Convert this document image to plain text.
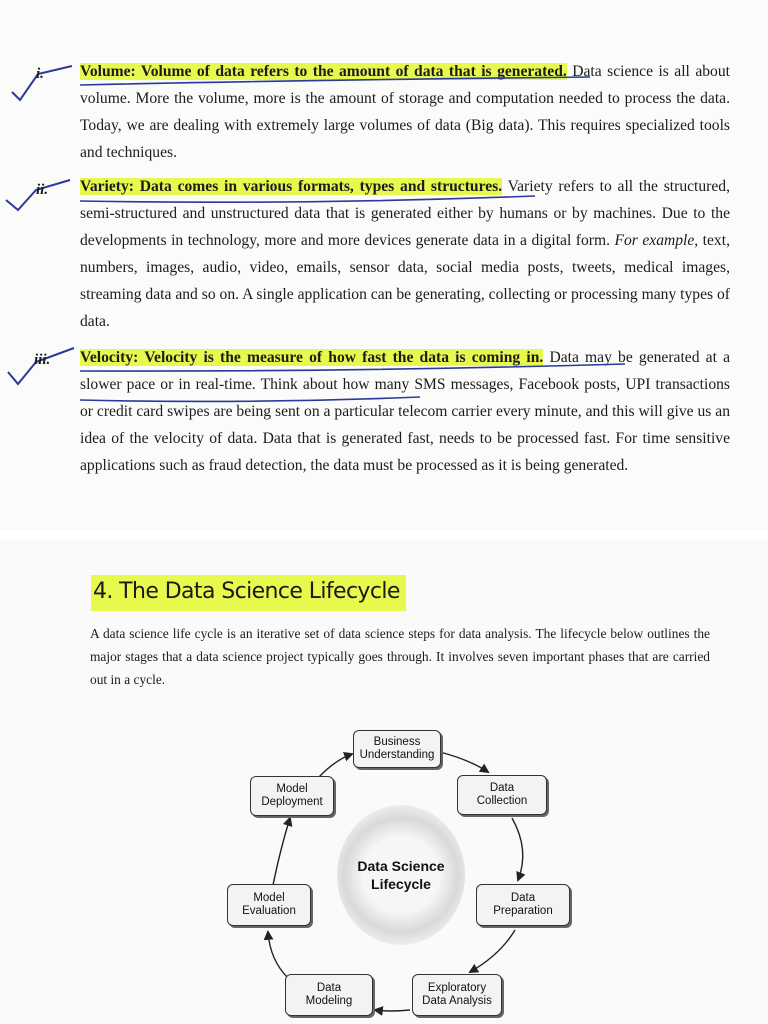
i.
ii.
iii.

Volume: Volume of data refers to the amount of data that is generated. Data science is all about volume. More the volume, more is the amount of storage and computation needed to process the data. Today, we are dealing with extremely large volumes of data (Big data). This requires specialized tools and techniques.

Variety: Data comes in various formats, types and structures. Variety refers to all the structured, semi-structured and unstructured data that is generated either by humans or by machines. Due to the developments in technology, more and more devices generate data in a digital form. For example, text, numbers, images, audio, video, emails, sensor data, social media posts, tweets, medical images, streaming data and so on. A single application can be generating, collecting or processing many types of data.

Velocity: Velocity is the measure of how fast the data is coming in. Data may be generated at a slower pace or in real-time. Think about how many SMS messages, Facebook posts, UPI transactions or credit card swipes are being sent on a particular telecom carrier every minute, and this will give us an idea of the velocity of data. Data that is generated fast, needs to be processed fast. For time sensitive applications such as fraud detection, the data must be processed as it is being generated.

4. The Data Science Lifecycle

A data science life cycle is an iterative set of data science steps for data analysis. The lifecycle below outlines the major stages that a data science project typically goes through. It involves seven important phases that are carried out in a cycle.

Data Science
Lifecycle
Business
Understanding
Data
Collection
Data
Preparation
Exploratory
Data Analysis
Data
Modeling
Model
Evaluation
Model
Deployment
